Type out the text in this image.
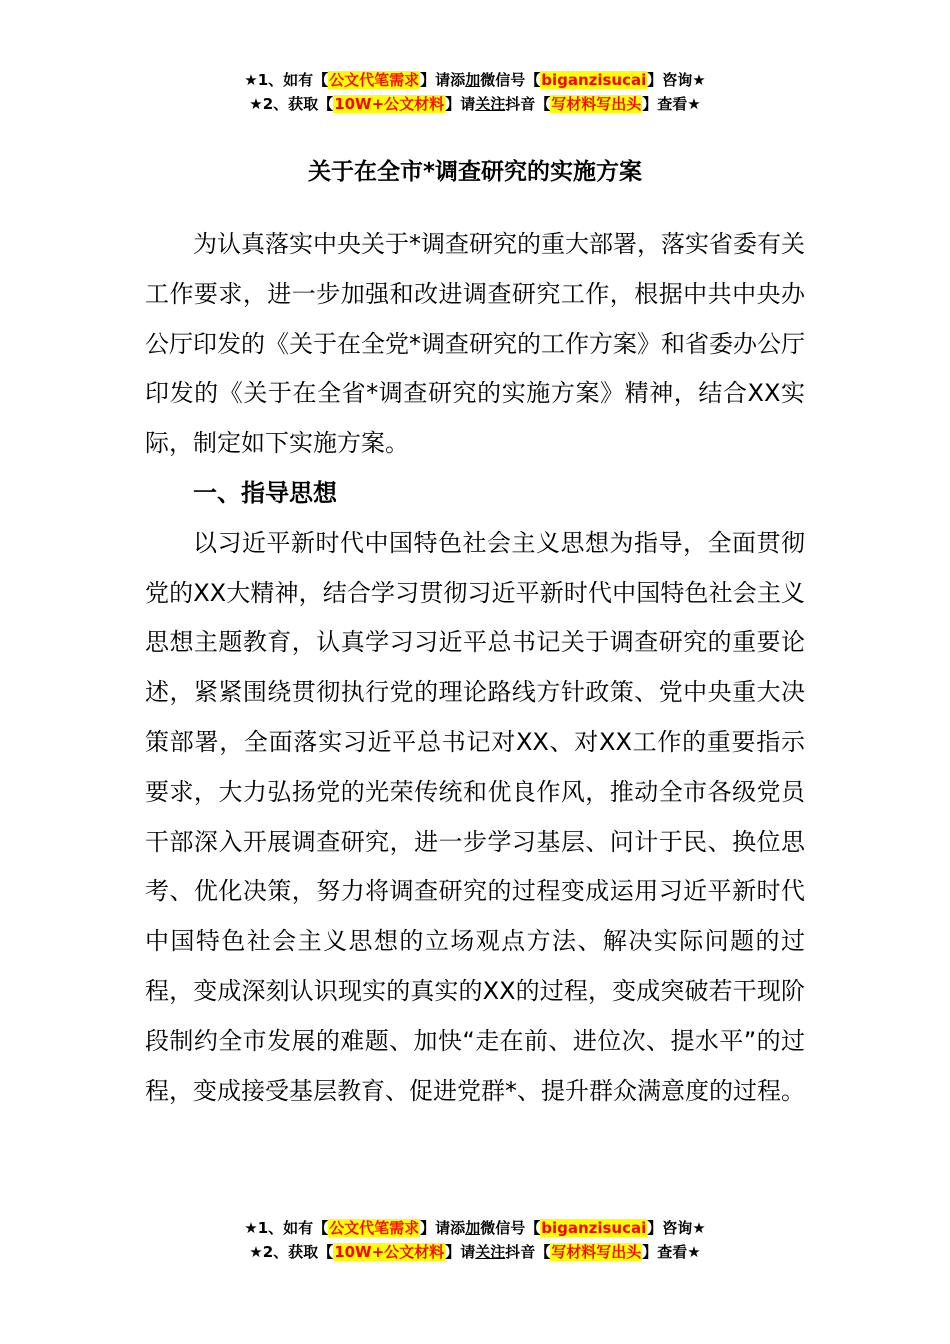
★1、如有【公文代笔需求】请添加微信号【biganzisucai】咨询★
★2、获取【10W+公文材料】请关注抖音【写材料写出头】查看★
关于在全市*调查研究的实施方案

为认真落实中央关于*调查研究的重大部署，落实省委有关工作要求，进一步加强和改进调查研究工作，根据中共中央办公厅印发的《关于在全党*调查研究的工作方案》和省委办公厅印发的《关于在全省*调查研究的实施方案》精神，结合XX实际，制定如下实施方案。

一、指导思想

以习近平新时代中国特色社会主义思想为指导，全面贯彻党的XX大精神，结合学习贯彻习近平新时代中国特色社会主义思想主题教育，认真学习习近平总书记关于调查研究的重要论述，紧紧围绕贯彻执行党的理论路线方针政策、党中央重大决策部署，全面落实习近平总书记对XX、对XX工作的重要指示要求，大力弘扬党的光荣传统和优良作风，推动全市各级党员干部深入开展调查研究，进一步学习基层、问计于民、换位思考、优化决策，努力将调查研究的过程变成运用习近平新时代中国特色社会主义思想的立场观点方法、解决实际问题的过程，变成深刻认识现实的真实的XX的过程，变成突破若干现阶段制约全市发展的难题、加快“走在前、进位次、提水平”的过程，变成接受基层教育、促进党群*、提升群众满意度的过程。

★1、如有【公文代笔需求】请添加微信号【biganzisucai】咨询★
★2、获取【10W+公文材料】请关注抖音【写材料写出头】查看★
